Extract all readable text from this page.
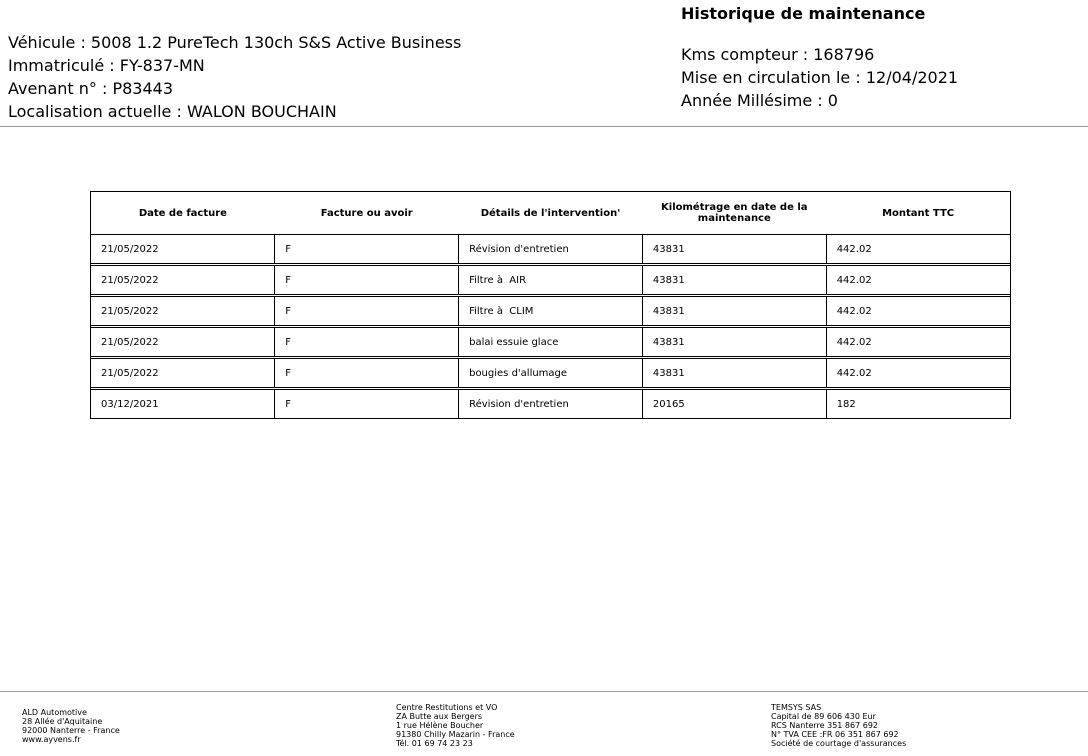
Historique de maintenance
Véhicule : 5008 1.2 PureTech 130ch S&S Active Business
Immatriculé : FY-837-MN
Avenant n° : P83443
Localisation actuelle : WALON BOUCHAIN
Kms compteur : 168796
Mise en circulation le : 12/04/2021
Année Millésime : 0
Date de facture	Facture ou avoir	Détails de l'intervention'	Kilométrage en date de la maintenance	Montant TTC
21/05/2022	F	Révision d'entretien	43831	442.02

21/05/2022	F	Filtre à  AIR	43831	442.02

21/05/2022	F	Filtre à  CLIM	43831	442.02

21/05/2022	F	balai essuie glace	43831	442.02

21/05/2022	F	bougies d'allumage	43831	442.02

03/12/2021	F	Révision d'entretien	20165	182
ALD Automotive
28 Allée d'Aquitaine
92000 Nanterre - France
www.ayvens.fr
Centre Restitutions et VO
ZA Butte aux Bergers
1 rue Hélène Boucher
91380 Chilly Mazarin - France
Tél. 01 69 74 23 23
TEMSYS SAS
Capital de 89 606 430 Eur
RCS Nanterre 351 867 692
N° TVA CEE :FR 06 351 867 692
Société de courtage d'assurances
